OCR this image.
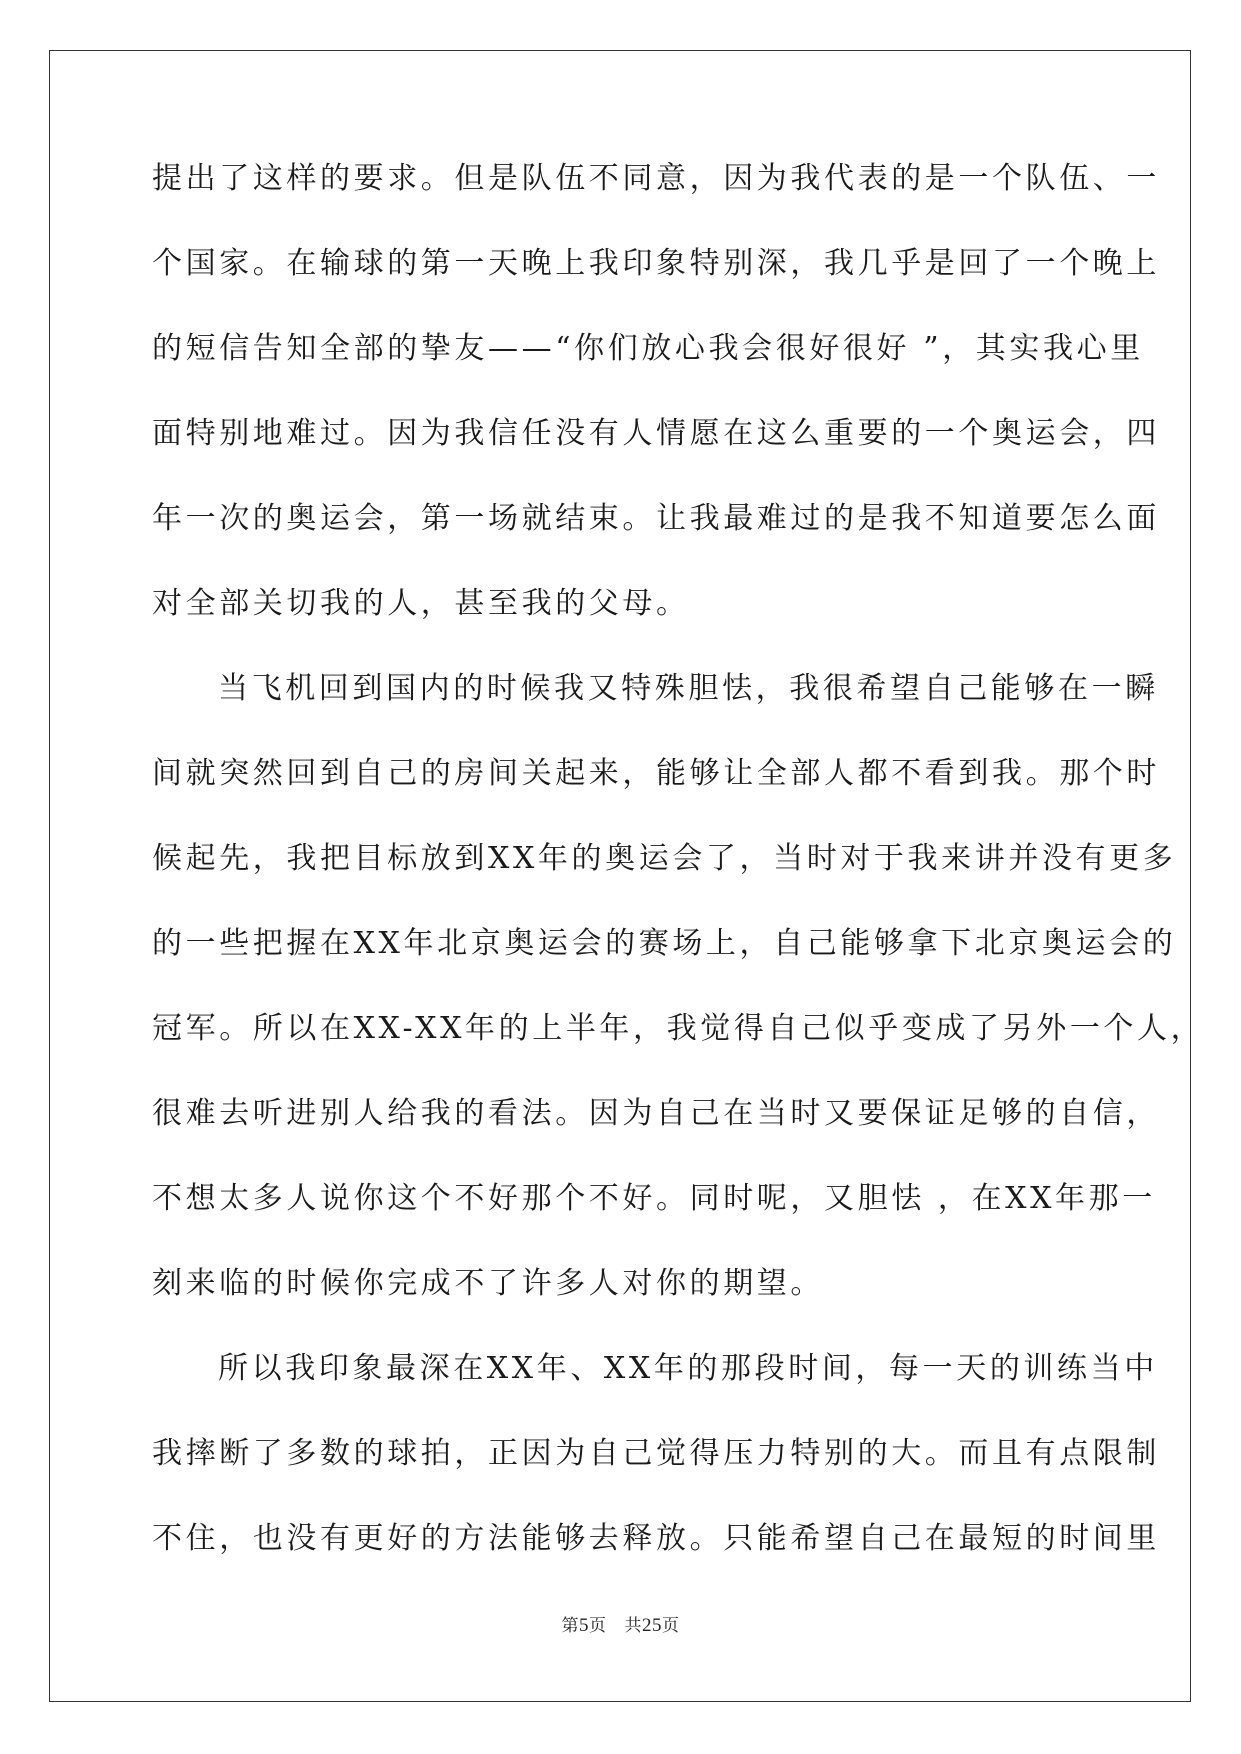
提出了这样的要求。但是队伍不同意，因为我代表的是一个队伍、一
个国家。在输球的第一天晚上我印象特别深，我几乎是回了一个晚上
的短信告知全部的挚友——“你们放心我会很好很好 ”，其实我心里
面特别地难过。因为我信任没有人情愿在这么重要的一个奥运会，四
年一次的奥运会，第一场就结束。让我最难过的是我不知道要怎么面
对全部关切我的人，甚至我的父母。
当飞机回到国内的时候我又特殊胆怯，我很希望自己能够在一瞬
间就突然回到自己的房间关起来，能够让全部人都不看到我。那个时
候起先，我把目标放到XX年的奥运会了，当时对于我来讲并没有更多
的一些把握在XX年北京奥运会的赛场上，自己能够拿下北京奥运会的
冠军。所以在XX-XX年的上半年，我觉得自己似乎变成了另外一个人，
很难去听进别人给我的看法。因为自己在当时又要保证足够的自信，
不想太多人说你这个不好那个不好。同时呢，又胆怯 ，在XX年那一
刻来临的时候你完成不了许多人对你的期望。
所以我印象最深在XX年、XX年的那段时间，每一天的训练当中
我摔断了多数的球拍，正因为自己觉得压力特别的大。而且有点限制
不住，也没有更好的方法能够去释放。只能希望自己在最短的时间里
第5页 共25页
